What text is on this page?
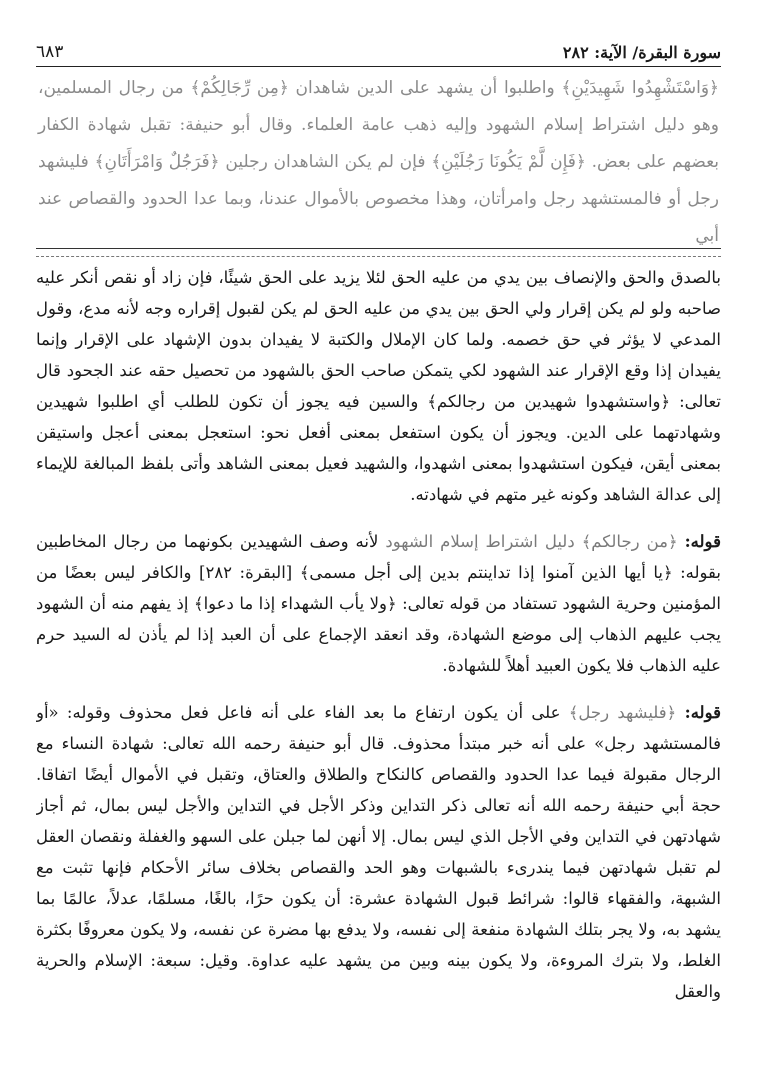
سورة البقرة/ الآية: ٢٨٢
٦٨٣

﴿وَاسْتَشْهِدُوا شَهِيدَيْنِ﴾ واطلبوا أن يشهد على الدين شاهدان ﴿مِن رِّجَالِكُمْ﴾ من رجال المسلمين، وهو دليل اشتراط إسلام الشهود وإليه ذهب عامة العلماء. وقال أبو حنيفة: تقبل شهادة الكفار بعضهم على بعض. ﴿فَإِن لَّمْ يَكُونَا رَجُلَيْنِ﴾ فإن لم يكن الشاهدان رجلين ﴿فَرَجُلٌ وَامْرَأَتَانِ﴾ فليشهد رجل أو فالمستشهد رجل وامرأتان، وهذا مخصوص بالأموال عندنا، وبما عدا الحدود والقصاص عند أبي

بالصدق والحق والإنصاف بين يدي من عليه الحق لئلا يزيد على الحق شيئًا، فإن زاد أو نقص أنكر عليه صاحبه ولو لم يكن إقرار ولي الحق بين يدي من عليه الحق لم يكن لقبول إقراره وجه لأنه مدع، وقول المدعي لا يؤثر في حق خصمه. ولما كان الإملال والكتبة لا يفيدان بدون الإشهاد على الإقرار وإنما يفيدان إذا وقع الإقرار عند الشهود لكي يتمكن صاحب الحق بالشهود من تحصيل حقه عند الجحود قال تعالى: ﴿واستشهدوا شهيدين من رجالكم﴾ والسين فيه يجوز أن تكون للطلب أي اطلبوا شهيدين وشهادتهما على الدين. ويجوز أن يكون استفعل بمعنى أفعل نحو: استعجل بمعنى أعجل واستيقن بمعنى أيقن، فيكون استشهدوا بمعنى اشهدوا، والشهيد فعيل بمعنى الشاهد وأتى بلفظ المبالغة للإيماء إلى عدالة الشاهد وكونه غير متهم في شهادته.

قوله: ﴿من رجالكم﴾ دليل اشتراط إسلام الشهود لأنه وصف الشهيدين بكونهما من رجال المخاطبين بقوله: ﴿يا أيها الذين آمنوا إذا تداينتم بدين إلى أجل مسمى﴾ [البقرة: ٢٨٢] والكافر ليس بعضًا من المؤمنين وحرية الشهود تستفاد من قوله تعالى: ﴿ولا يأب الشهداء إذا ما دعوا﴾ إذ يفهم منه أن الشهود يجب عليهم الذهاب إلى موضع الشهادة، وقد انعقد الإجماع على أن العبد إذا لم يأذن له السيد حرم عليه الذهاب فلا يكون العبيد أهلاً للشهادة.

قوله: ﴿فليشهد رجل﴾ على أن يكون ارتفاع ما بعد الفاء على أنه فاعل فعل محذوف وقوله: «أو فالمستشهد رجل» على أنه خبر مبتدأ محذوف. قال أبو حنيفة رحمه الله تعالى: شهادة النساء مع الرجال مقبولة فيما عدا الحدود والقصاص كالنكاح والطلاق والعتاق، وتقبل في الأموال أيضًا اتفاقا. حجة أبي حنيفة رحمه الله أنه تعالى ذكر التداين وذكر الأجل في التداين والأجل ليس بمال، ثم أجاز شهادتهن في التداين وفي الأجل الذي ليس بمال. إلا أنهن لما جبلن على السهو والغفلة ونقصان العقل لم تقبل شهادتهن فيما يندرىء بالشبهات وهو الحد والقصاص بخلاف سائر الأحكام فإنها تثبت مع الشبهة، والفقهاء قالوا: شرائط قبول الشهادة عشرة: أن يكون حرًا، بالغًا، مسلمًا، عدلاً، عالمًا بما يشهد به، ولا يجر بتلك الشهادة منفعة إلى نفسه، ولا يدفع بها مضرة عن نفسه، ولا يكون معروفًا بكثرة الغلط، ولا بترك المروءة، ولا يكون بينه وبين من يشهد عليه عداوة. وقيل: سبعة: الإسلام والحرية والعقل
